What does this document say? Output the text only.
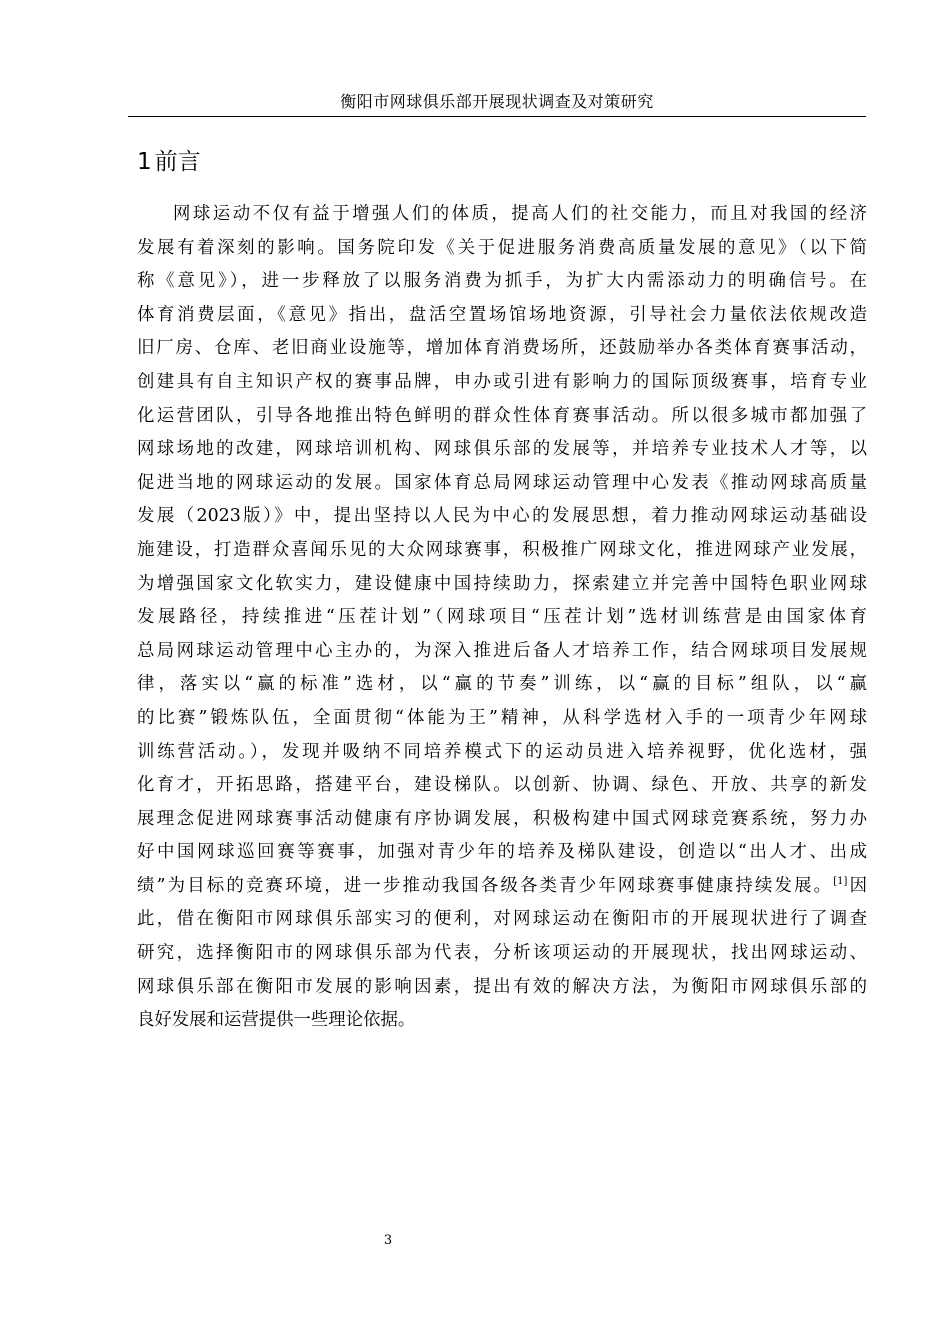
衡阳市网球俱乐部开展现状调查及对策研究
1 前言
网球运动不仅有益于增强人们的体质，提高人们的社交能力，而且对我国的经济
发展有着深刻的影响。国务院印发《关于促进服务消费高质量发展的意见》（以下简
称《意见》），进一步释放了以服务消费为抓手，为扩大内需添动力的明确信号。在
体育消费层面，《意见》指出，盘活空置场馆场地资源，引导社会力量依法依规改造
旧厂房、仓库、老旧商业设施等，增加体育消费场所，还鼓励举办各类体育赛事活动，
创建具有自主知识产权的赛事品牌，申办或引进有影响力的国际顶级赛事，培育专业
化运营团队，引导各地推出特色鲜明的群众性体育赛事活动。所以很多城市都加强了
网球场地的改建，网球培训机构、网球俱乐部的发展等，并培养专业技术人才等，以
促进当地的网球运动的发展。国家体育总局网球运动管理中心发表《推动网球高质量
发展（2023版）》中，提出坚持以人民为中心的发展思想，着力推动网球运动基础设
施建设，打造群众喜闻乐见的大众网球赛事，积极推广网球文化，推进网球产业发展，
为增强国家文化软实力，建设健康中国持续助力，探索建立并完善中国特色职业网球
发展路径，持续推进“压茬计划”（网球项目“压茬计划”选材训练营是由国家体育
总局网球运动管理中心主办的，为深入推进后备人才培养工作，结合网球项目发展规
律，落实以“赢的标准”选材，以“赢的节奏”训练，以“赢的目标”组队，以“赢
的比赛”锻炼队伍，全面贯彻“体能为王”精神，从科学选材入手的一项青少年网球
训练营活动。），发现并吸纳不同培养模式下的运动员进入培养视野，优化选材，强
化育才，开拓思路，搭建平台，建设梯队。以创新、协调、绿色、开放、共享的新发
展理念促进网球赛事活动健康有序协调发展，积极构建中国式网球竞赛系统，努力办
好中国网球巡回赛等赛事，加强对青少年的培养及梯队建设，创造以“出人才、出成
绩”为目标的竞赛环境，进一步推动我国各级各类青少年网球赛事健康持续发展。[1]因
此，借在衡阳市网球俱乐部实习的便利，对网球运动在衡阳市的开展现状进行了调查
研究，选择衡阳市的网球俱乐部为代表，分析该项运动的开展现状，找出网球运动、
网球俱乐部在衡阳市发展的影响因素，提出有效的解决方法，为衡阳市网球俱乐部的
良好发展和运营提供一些理论依据。
3
